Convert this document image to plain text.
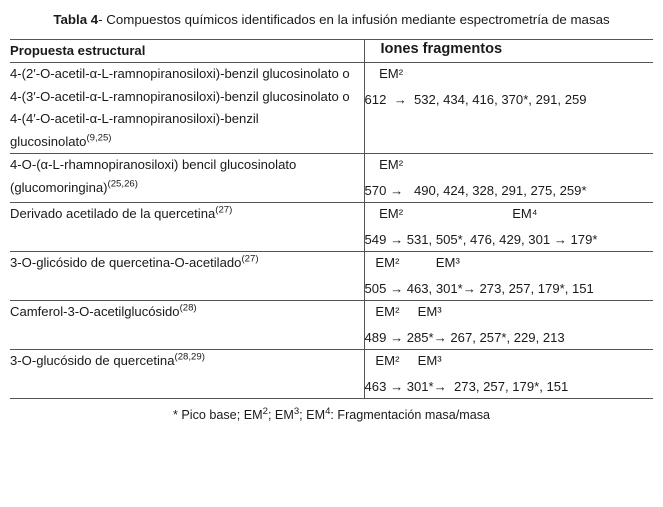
Tabla 4- Compuestos químicos identificados en la infusión mediante espectrometría de masas
Propuesta estructural	Iones fragmentos
4-(2′-O-acetil-α-L-ramnopiranosiloxi)-benzil glucosinolato o 4-(3′-O-acetil-α-L-ramnopiranosiloxi)-benzil glucosinolato o 4-(4′-O-acetil-α-L-ramnopiranosiloxi)-benzil glucosinolato$^{(9,25)}$	EM²
612  →  532, 434, 416, 370*, 291, 259

4-O-(α-L-rhamnopiranosiloxi) bencil glucosinolato (glucomoringina)$^{(25,26)}$	EM²
570 →   490, 424, 328, 291, 275, 259*

Derivado acetilado de la quercetina$^{(27)}$	EM²                              EM⁴
549 → 531, 505*, 476, 429, 301 → 179*

3-O-glicósido de quercetina-O-acetilado$^{(27)}$	EM²          EM³
505 → 463, 301*→ 273, 257, 179*, 151

Camferol-3-O-acetilglucósido$^{(28)}$	EM²     EM³
489 → 285*→ 267, 257*, 229, 213

3-O-glucósido de quercetina$^{(28,29)}$	EM²     EM³
463 → 301*→  273, 257, 179*, 151
* Pico base; $EM^2$; $EM^3$; $EM^4$: Fragmentación masa/masa
